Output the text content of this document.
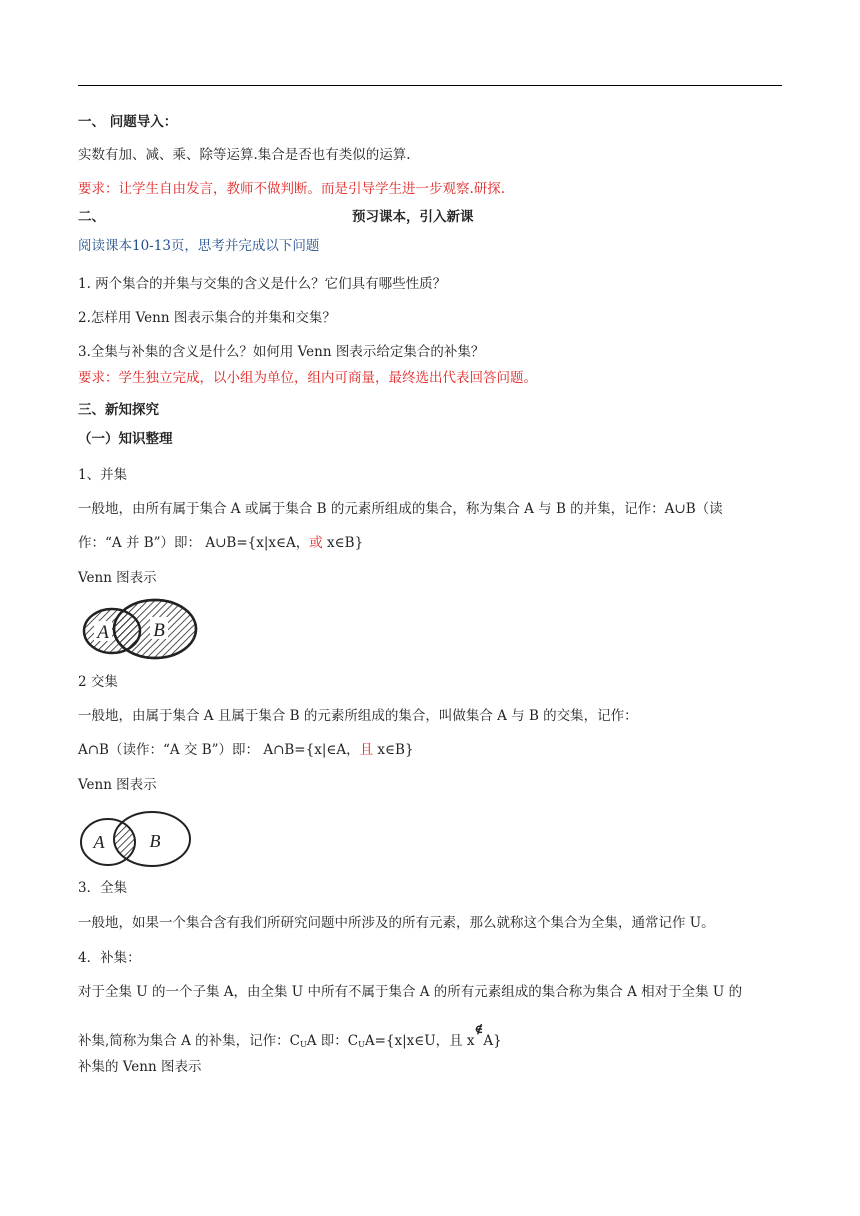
一、 问题导入：
实数有加、减、乘、除等运算.集合是否也有类似的运算.
要求：让学生自由发言，教师不做判断。而是引导学生进一步观察.研探.
二、	预习课本，引入新课
阅读课本10-13页，思考并完成以下问题
1. 两个集合的并集与交集的含义是什么？它们具有哪些性质？
2.怎样用 Venn 图表示集合的并集和交集？
3.全集与补集的含义是什么？如何用 Venn 图表示给定集合的补集？
要求：学生独立完成，以小组为单位，组内可商量，最终选出代表回答问题。
三、新知探究
（一）知识整理
1、并集
一般地，由所有属于集合 A 或属于集合 B 的元素所组成的集合，称为集合 A 与 B 的并集，记作：A∪B（读
作：“A 并 B”）即： A∪B={x|x∈A，或 x∈B}
Venn 图表示
A B
2 交集
一般地，由属于集合 A 且属于集合 B 的元素所组成的集合，叫做集合 A 与 B 的交集，记作：
A∩B（读作：“A 交 B”）即： A∩B={x|∈A，且 x∈B}
Venn 图表示
A	B
3．全集
一般地，如果一个集合含有我们所研究问题中所涉及的所有元素，那么就称这个集合为全集，通常记作 U。
4．补集：
对于全集 U 的一个子集 A，由全集 U 中所有不属于集合 A 的所有元素组成的集合称为集合 A 相对于全集 U 的
补集,简称为集合 A 的补集，记作：$C_UA$ 即：$C_UA=\{x|x\in U$，且 x∉A}
补集的 Venn 图表示
